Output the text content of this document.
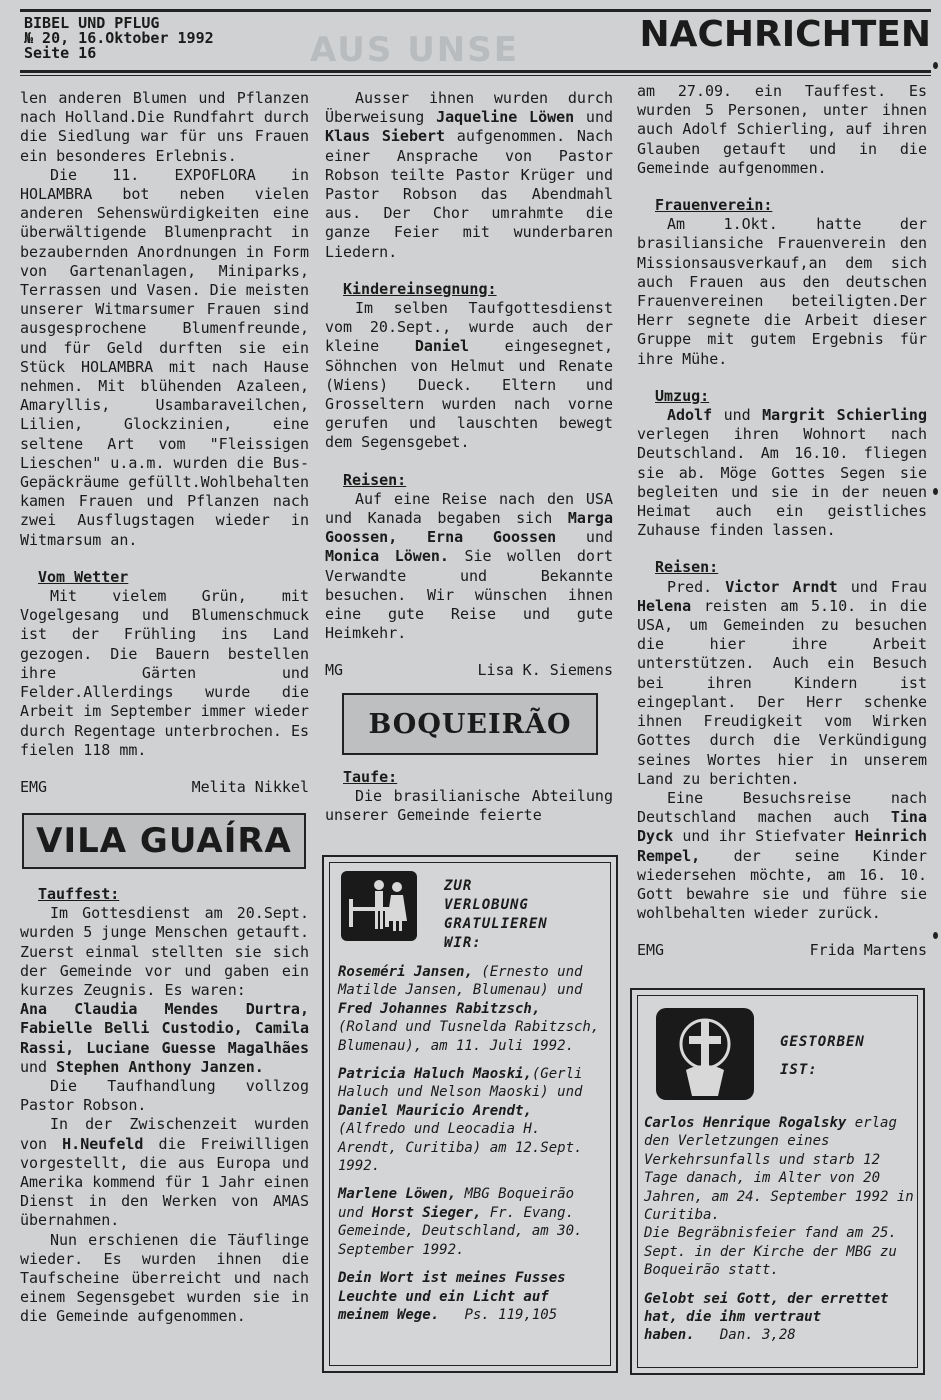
AUS UNSE
BIBEL UND PFLUG
№ 20, 16.Oktober 1992
Seite 16	NACHRICHTEN

len anderen Blumen und Pflanzen nach Holland.Die Rundfahrt durch die Siedlung war für uns Frauen ein besonderes Erlebnis.

Die 11. EXPOFLORA in HOLAMBRA bot neben vielen anderen Sehenswürdigkeiten eine überwältigende Blumenpracht in bezaubernden Anordnungen in Form von Gartenanlagen, Miniparks, Terrassen und Vasen. Die meisten unserer Witmarsumer Frauen sind ausgesprochene Blumenfreunde, und für Geld durften sie ein Stück HOLAMBRA mit nach Hause nehmen. Mit blühenden Azaleen, Amaryllis, Usambaraveilchen, Lilien, Glockzinien, eine seltene Art vom "Fleissigen Lieschen" u.a.m. wurden die Bus-Gepäckräume gefüllt.Wohlbehalten kamen Frauen und Pflanzen nach zwei Ausflugstagen wieder in Witmarsum an.

Vom Wetter

Mit vielem Grün, mit Vogelgesang und Blumenschmuck ist der Frühling ins Land gezogen. Die Bauern bestellen ihre Gärten und Felder.Allerdings wurde die Arbeit im September immer wieder durch Regentage unterbrochen. Es fielen 118 mm.

EMG	Melita Nikkel
VILA GUAÍRA

Tauffest:

Im Gottesdienst am 20.Sept. wurden 5 junge Menschen getauft. Zuerst einmal stellten sie sich der Gemeinde vor und gaben ein kurzes Zeugnis. Es waren:

Ana Claudia Mendes Durtra, Fabielle Belli Custodio, Camila Rassi, Luciane Guesse Magalhães und Stephen Anthony Janzen.

Die Taufhandlung vollzog Pastor Robson.

In der Zwischenzeit wurden von H.Neufeld die Freiwilligen vorgestellt, die aus Europa und Amerika kommend für 1 Jahr einen Dienst in den Werken von AMAS übernahmen.

Nun erschienen die Täuflinge wieder. Es wurden ihnen die Taufscheine überreicht und nach einem Segensgebet wurden sie in die Gemeinde aufgenommen.

Ausser ihnen wurden durch Überweisung Jaqueline Löwen und Klaus Siebert aufgenommen. Nach einer Ansprache von Pastor Robson teilte Pastor Krüger und Pastor Robson das Abendmahl aus. Der Chor umrahmte die ganze Feier mit wunderbaren Liedern.

Kindereinsegnung:

Im selben Taufgottesdienst vom 20.Sept., wurde auch der kleine Daniel eingesegnet, Söhnchen von Helmut und Renate (Wiens) Dueck. Eltern und Grosseltern wurden nach vorne gerufen und lauschten bewegt dem Segensgebet.

Reisen:

Auf eine Reise nach den USA und Kanada begaben sich Marga Goossen, Erna Goossen und Monica Löwen. Sie wollen dort Verwandte und Bekannte besuchen. Wir wünschen ihnen eine gute Reise und gute Heimkehr.

MG	Lisa K. Siemens
BOQUEIRÃO

Taufe:

Die brasilianische Abteilung unserer Gemeinde feierte

ZUR
VERLOBUNG
GRATULIEREN
WIR:

Roseméri Jansen, (Ernesto und Matilde Jansen, Blumenau) und Fred Johannes Rabitzsch, (Roland und Tusnelda Rabitzsch, Blumenau), am 11. Juli 1992.

Patricia Haluch Maoski,(Gerli Haluch und Nelson Maoski) und Daniel Mauricio Arendt, (Alfredo und Leocadia H. Arendt, Curitiba) am 12.Sept. 1992.

Marlene Löwen, MBG Boqueirão und Horst Sieger, Fr. Evang. Gemeinde, Deutschland, am 30. September 1992.

Dein Wort ist meines Fusses Leuchte und ein Licht auf meinem Wege. Ps. 119,105

am 27.09. ein Tauffest. Es wurden 5 Personen, unter ihnen auch Adolf Schierling, auf ihren Glauben getauft und in die Gemeinde aufgenommen.

Frauenverein:

Am 1.Okt. hatte der brasiliansiche Frauenverein den Missionsausverkauf,an dem sich auch Frauen aus den deutschen Frauenvereinen beteiligten.Der Herr segnete die Arbeit dieser Gruppe mit gutem Ergebnis für ihre Mühe.

Umzug:

Adolf und Margrit Schierling verlegen ihren Wohnort nach Deutschland. Am 16.10. fliegen sie ab. Möge Gottes Segen sie begleiten und sie in der neuen Heimat auch ein geistliches Zuhause finden lassen.

Reisen:

Pred. Victor Arndt und Frau Helena reisten am 5.10. in die USA, um Gemeinden zu besuchen die hier ihre Arbeit unterstützen. Auch ein Besuch bei ihren Kindern ist eingeplant. Der Herr schenke ihnen Freudigkeit vom Wirken Gottes durch die Verkündigung seines Wortes hier in unserem Land zu berichten.

Eine Besuchsreise nach Deutschland machen auch Tina Dyck und ihr Stiefvater Heinrich Rempel, der seine Kinder wiedersehen möchte, am 16. 10. Gott bewahre sie und führe sie wohlbehalten wieder zurück.

EMG	Frida Martens
GESTORBEN
IST:

Carlos Henrique Rogalsky erlag den Verletzungen eines Verkehrsunfalls und starb 12 Tage danach, im Alter von 20 Jahren, am 24. September 1992 in Curitiba.

Die Begräbnisfeier fand am 25. Sept. in der Kirche der MBG zu Boqueirão statt.

Gelobt sei Gott, der errettet hat, die ihm vertraut haben. Dan. 3,28
